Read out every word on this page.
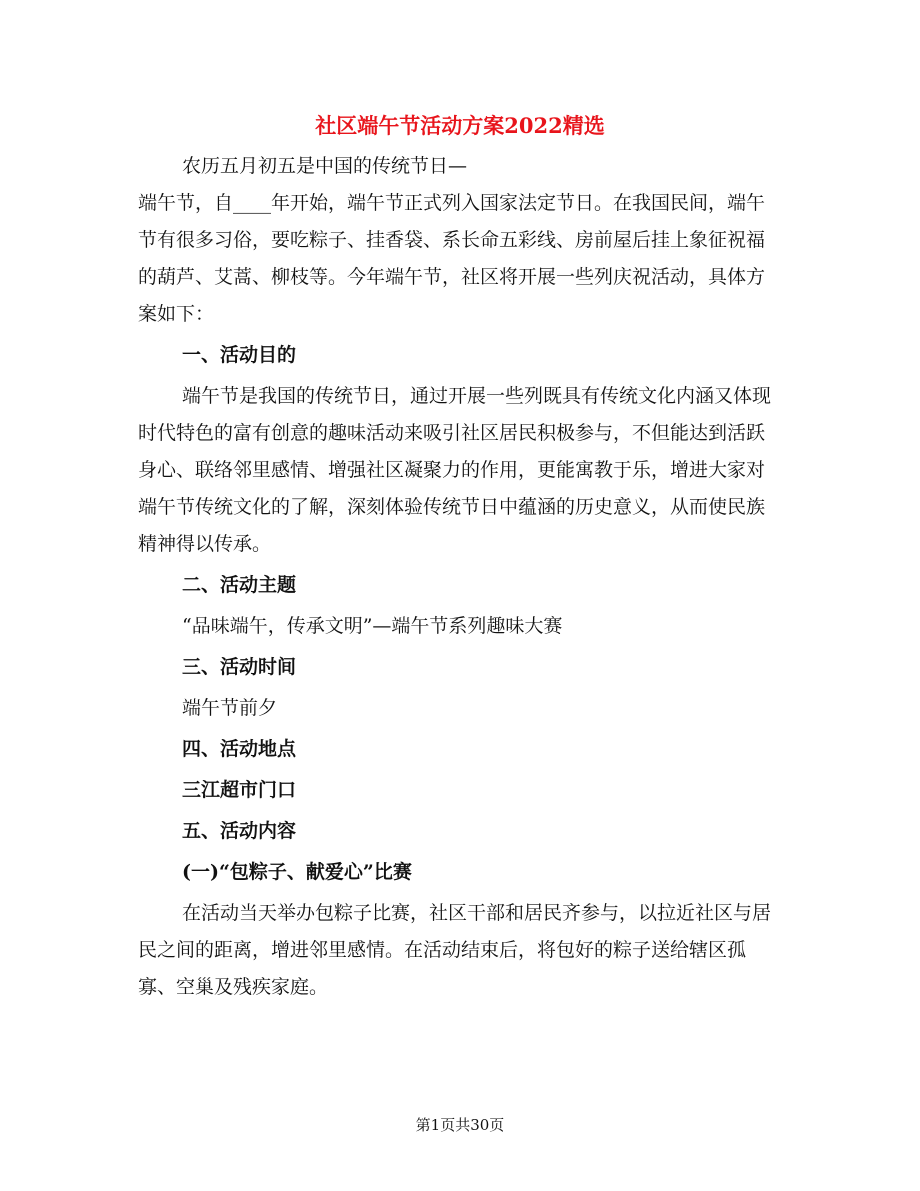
社区端午节活动方案2022精选

农历五月初五是中国的传统节日—

端午节，自____年开始，端午节正式列入国家法定节日。在我国民间，端午节有很多习俗，要吃粽子、挂香袋、系长命五彩线、房前屋后挂上象征祝福的葫芦、艾蒿、柳枝等。今年端午节，社区将开展一些列庆祝活动，具体方案如下：

一、活动目的

端午节是我国的传统节日，通过开展一些列既具有传统文化内涵又体现时代特色的富有创意的趣味活动来吸引社区居民积极参与，不但能达到活跃身心、联络邻里感情、增强社区凝聚力的作用，更能寓教于乐，增进大家对端午节传统文化的了解，深刻体验传统节日中蕴涵的历史意义，从而使民族精神得以传承。

二、活动主题

“品味端午，传承文明”—端午节系列趣味大赛

三、活动时间

端午节前夕

四、活动地点

三江超市门口

五、活动内容

(一)“包粽子、献爱心”比赛

在活动当天举办包粽子比赛，社区干部和居民齐参与，以拉近社区与居民之间的距离，增进邻里感情。在活动结束后，将包好的粽子送给辖区孤寡、空巢及残疾家庭。

第1页共30页
